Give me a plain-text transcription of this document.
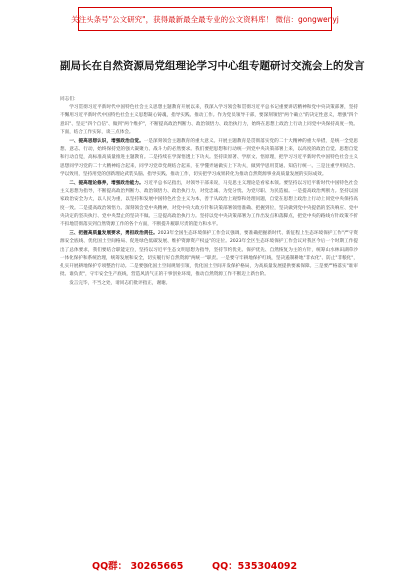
关注头条号"公文研究"，获得最新最全最专业的公文资料库！ 微信：gongwenyj
副局长在自然资源局党组理论学习中心组专题研讨交流会上的发言

同志们：

学习贯彻习近平新时代中国特色社会主义思想主题教育开展以来，我深入学习领会和贯彻习近平总书记重要讲话精神和党中央决策部署，坚持不懈用习近平新时代中国特色社会主义思想凝心铸魂，指导实践、推动工作。作为党员领导干部，要深刻领悟"两个确立"的决定性意义，增强"四个意识"、坚定"四个自信"、做到"两个维护"，不断提高政治判断力、政治领悟力、政治执行力，始终在思想上政治上行动上同党中央保持高度一致。下面，结合工作实际，谈三点体会。

一、提高思想认识，增强政治自觉。一是深刻领会主题教育的重大意义。开展主题教育是贯彻落实党的二十大精神的重大举措，是统一全党思想、意志、行动，始终保持党的强大凝聚力、战斗力的必然要求。我们要把思想和行动统一到党中央决策部署上来，以高度的政治自觉、思想自觉和行动自觉，高标准高质量推进主题教育。二是持续在学深悟透上下功夫。坚持读原著、学原文、悟原理，把学习习近平新时代中国特色社会主义思想同学习党的二十大精神结合起来，同学习党章党规结合起来，在学懂弄通做实上下功夫，做到学思用贯通、知信行统一。三是注重学用结合、学以致用，坚持用党的创新理论武装头脑、指导实践、推动工作，切实把学习成果转化为推动自然资源事业高质量发展的实际成效。

二、提高理论修养，增强政治能力。习近平总书记指出，对领导干部来说，马克思主义理论是看家本领。要坚持以习近平新时代中国特色社会主义思想为指导，不断提高政治判断力、政治领悟力、政治执行力，对党忠诚、为党分忧、为党尽职、为民造福。一是提高政治判断力。坚持以国家政治安全为大，以人民为重，以坚持和发展中国特色社会主义为本，善于从政治上观察和处理问题，自觉在思想上政治上行动上同党中央保持高度一致。二是提高政治领悟力。深刻领会党中央精神，对党中央大政方针和决策部署领悟准确、把握到位，坚决做到党中央提倡的坚决响应、党中央决定的坚决执行、党中央禁止的坚决不做。三是提高政治执行力。坚持以党中央决策部署为工作出发点和落脚点，把党中央的路线方针政策不折不扣地贯彻落实到自然资源工作的各个方面，不断提升履职尽责的能力和水平。

三、把握高质量发展要求，勇担政治责任。2023年全国生态环境保护工作会议强调，要准确把握新时代、新征程上生态环境保护工作"严守资源安全底线、优化国土空间格局、促进绿色低碳发展、维护资源资产权益"的定位。2023年全区生态环境保护工作会议对我区今后一个时期工作提出了总体要求，我们要结合职能定位，坚持以习近平生态文明思想为指导，坚持节约优先、保护优先、自然恢复为主的方针，统筹山水林田湖草沙一体化保护和系统治理，统筹发展和安全，切实履行好自然资源"两统一"职责。一是要守牢耕地保护红线，坚决遏制耕地"非农化"、防止"非粮化"，扎实开展耕地保护专项整治行动。二是要强化国土空间规划引领，优化国土空间开发保护格局，为高质量发展提供要素保障。三是要严格落实"谁审批、谁负责"，守牢安全生产底线，营造风清气正的干事创业环境，推动自然资源工作不断迈上新台阶。

发言完毕，不当之处，请同志们批评指正，谢谢。

QQ群： 30265665	QQ：535304092
